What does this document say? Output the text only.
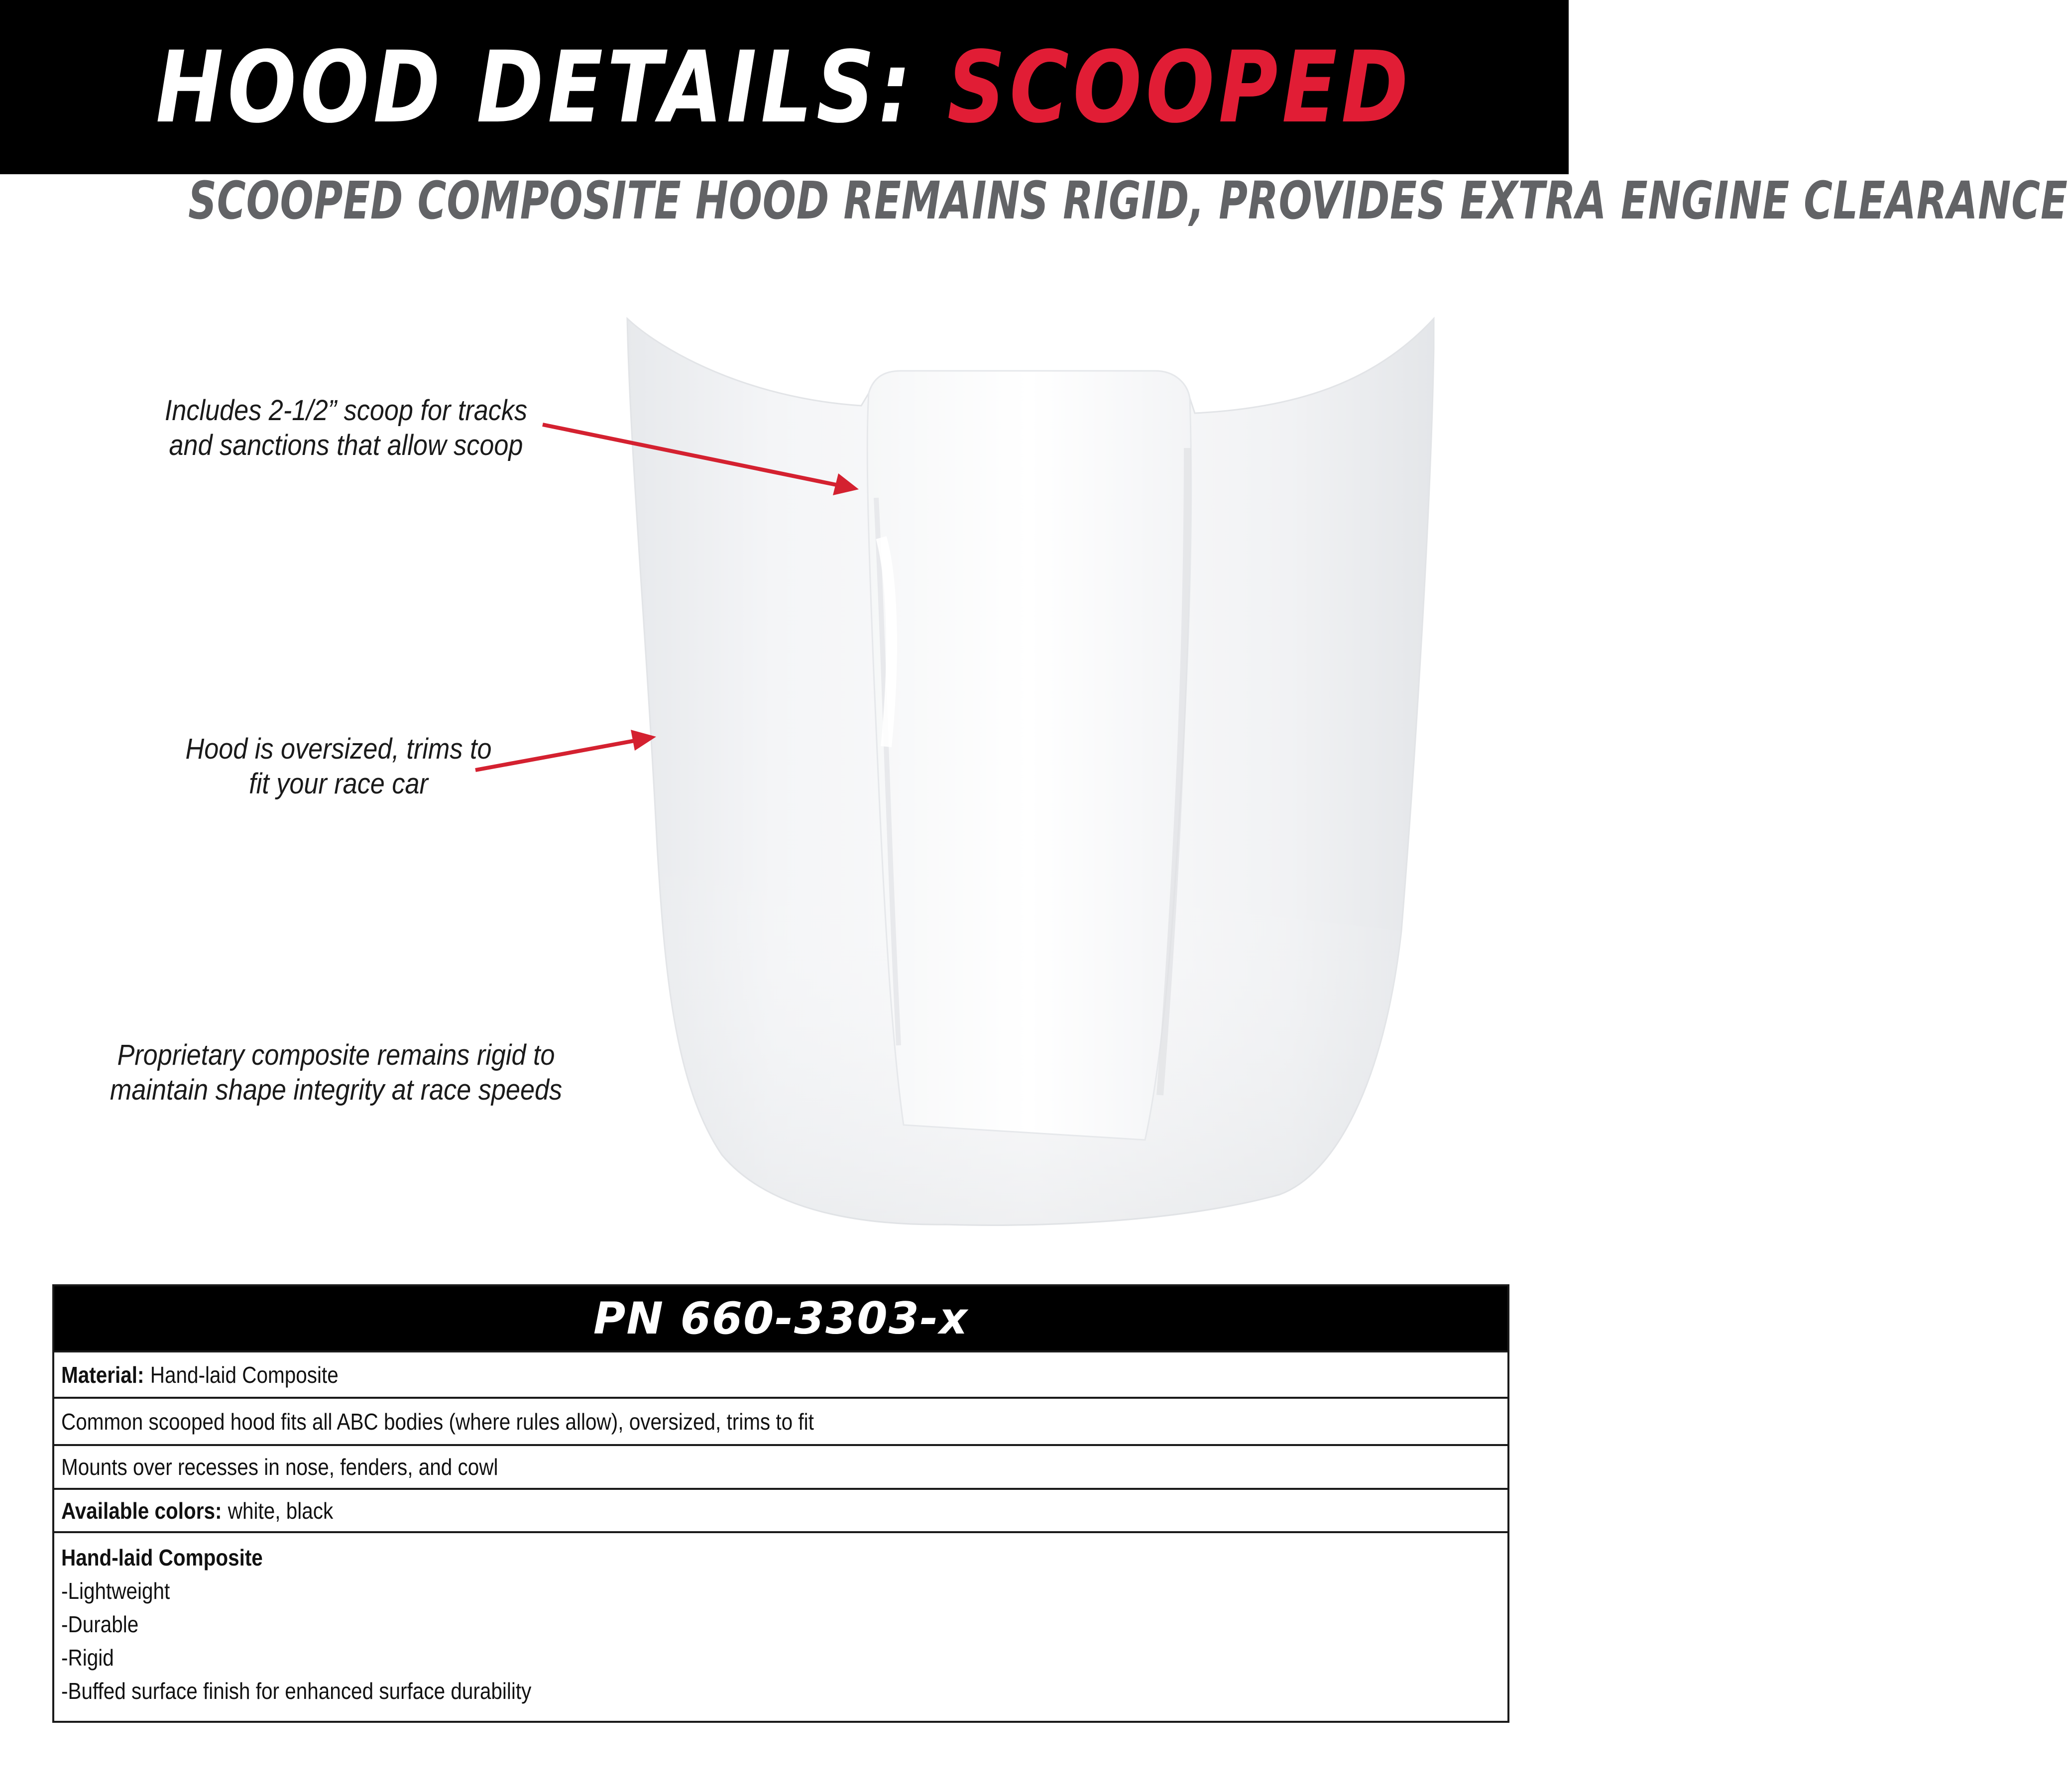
HOOD DETAILS: SCOOPED
SCOOPED COMPOSITE HOOD REMAINS RIGID, PROVIDES EXTRA ENGINE CLEARANCE
Includes 2-1/2” scoop for tracks
and sanctions that allow scoop
Hood is oversized, trims to
fit your race car
Proprietary composite remains rigid to
maintain shape integrity at race speeds
PN 660-3303-x
Material: Hand-laid Composite
Common scooped hood fits all ABC bodies (where rules allow), oversized, trims to fit
Mounts over recesses in nose, fenders, and cowl
Available colors: white, black
Hand-laid Composite
-Lightweight
-Durable
-Rigid
-Buffed surface finish for enhanced surface durability
